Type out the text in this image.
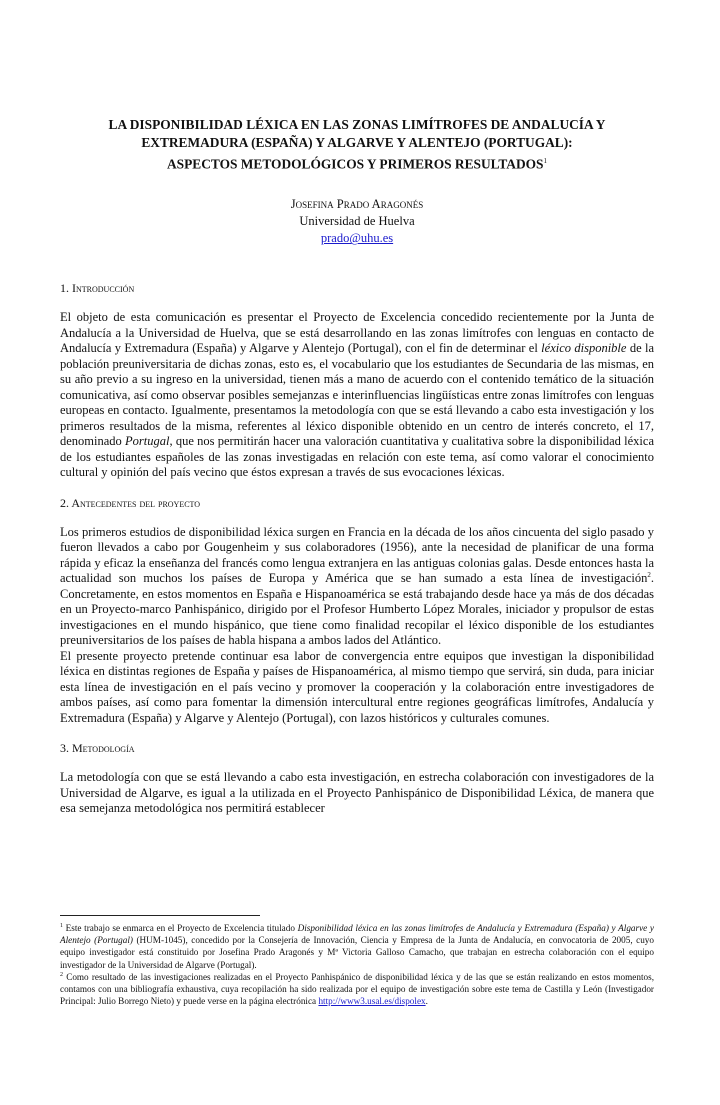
LA DISPONIBILIDAD LÉXICA EN LAS ZONAS LIMÍTROFES DE ANDALUCÍA Y
EXTREMADURA (ESPAÑA) Y ALGARVE Y ALENTEJO (PORTUGAL):
ASPECTOS METODOLÓGICOS Y PRIMEROS RESULTADOS$^1$
Josefina Prado Aragonés
Universidad de Huelva
prado@uhu.es
1. Introducción

El objeto de esta comunicación es presentar el Proyecto de Excelencia concedido recientemente por la Junta de Andalucía a la Universidad de Huelva, que se está desarrollando en las zonas limítrofes con lenguas en contacto de Andalucía y Extremadura (España) y Algarve y Alentejo (Portugal), con el fin de determinar el léxico disponible de la población preuniversitaria de dichas zonas, esto es, el vocabulario que los estudiantes de Secundaria de las mismas, en su año previo a su ingreso en la universidad, tienen más a mano de acuerdo con el contenido temático de la situación comunicativa, así como observar posibles semejanzas e interinfluencias lingüísticas entre zonas limítrofes con lenguas europeas en contacto. Igualmente, presentamos la metodología con que se está llevando a cabo esta investigación y los primeros resultados de la misma, referentes al léxico disponible obtenido en un centro de interés concreto, el 17, denominado Portugal, que nos permitirán hacer una valoración cuantitativa y cualitativa sobre la disponibilidad léxica de los estudiantes españoles de las zonas investigadas en relación con este tema, así como valorar el conocimiento cultural y opinión del país vecino que éstos expresan a través de sus evocaciones léxicas.

2. Antecedentes del proyecto

Los primeros estudios de disponibilidad léxica surgen en Francia en la década de los años cincuenta del siglo pasado y fueron llevados a cabo por Gougenheim y sus colaboradores (1956), ante la necesidad de planificar de una forma rápida y eficaz la enseñanza del francés como lengua extranjera en las antiguas colonias galas. Desde entonces hasta la actualidad son muchos los países de Europa y América que se han sumado a esta línea de investigación$^2$. Concretamente, en estos momentos en España e Hispanoamérica se está trabajando desde hace ya más de dos décadas en un Proyecto-marco Panhispánico, dirigido por el Profesor Humberto López Morales, iniciador y propulsor de estas investigaciones en el mundo hispánico, que tiene como finalidad recopilar el léxico disponible de los estudiantes preuniversitarios de los países de habla hispana a ambos lados del Atlántico.

El presente proyecto pretende continuar esa labor de convergencia entre equipos que investigan la disponibilidad léxica en distintas regiones de España y países de Hispanoamérica, al mismo tiempo que servirá, sin duda, para iniciar esta línea de investigación en el país vecino y promover la cooperación y la colaboración entre investigadores de ambos países, así como para fomentar la dimensión intercultural entre regiones geográficas limítrofes, Andalucía y Extremadura (España) y Algarve y Alentejo (Portugal), con lazos históricos y culturales comunes.

3. Metodología

La metodología con que se está llevando a cabo esta investigación, en estrecha colaboración con investigadores de la Universidad de Algarve, es igual a la utilizada en el Proyecto Panhispánico de Disponibilidad Léxica, de manera que esa semejanza metodológica nos permitirá establecer

$^1$ Este trabajo se enmarca en el Proyecto de Excelencia titulado Disponibilidad léxica en las zonas limítrofes de Andalucía y Extremadura (España) y Algarve y Alentejo (Portugal) (HUM-1045), concedido por la Consejería de Innovación, Ciencia y Empresa de la Junta de Andalucía, en convocatoria de 2005, cuyo equipo investigador está constituido por Josefina Prado Aragonés y Mª Victoria Galloso Camacho, que trabajan en estrecha colaboración con el equipo investigador de la Universidad de Algarve (Portugal).

$^2$ Como resultado de las investigaciones realizadas en el Proyecto Panhispánico de disponibilidad léxica y de las que se están realizando en estos momentos, contamos con una bibliografía exhaustiva, cuya recopilación ha sido realizada por el equipo de investigación sobre este tema de Castilla y León (Investigador Principal: Julio Borrego Nieto) y puede verse en la página electrónica http://www3.usal.es/dispolex.
